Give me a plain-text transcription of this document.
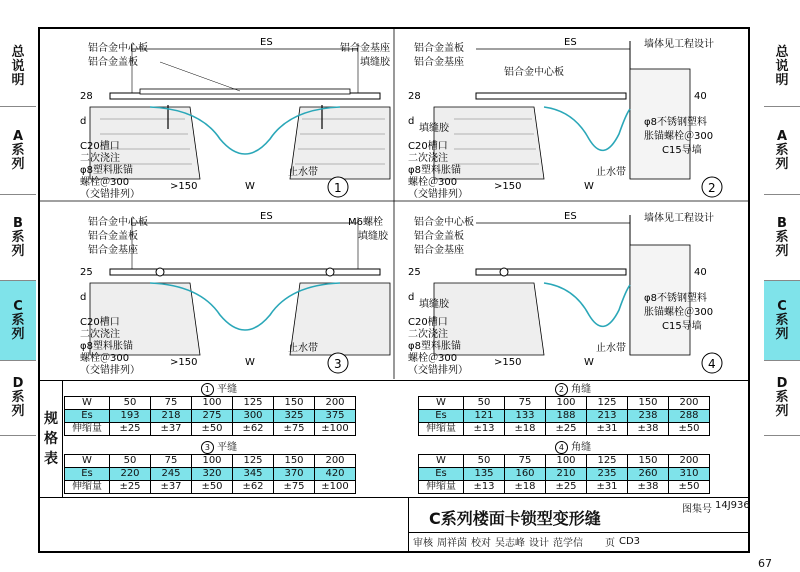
总
说
明
A
系
列
B
系
列
C
系
列
D
系
列
总
说
明
A
系
列
B
系
列
C
系
列
D
系
列
ES
铝合金中心板
铝合金盖板
铝合金基座
填缝胶
28
d
C20槽口
二次浇注
φ8塑料胀锚
螺栓＠300
（交错排列）
>150	W
止水带
1
ES
铝合金盖板
铝合金基座
铝合金中心板
墙体见工程设计
填缝胶
28
d
40
C20槽口
二次浇注
φ8塑料胀锚
螺栓＠300
（交错排列）
φ8不锈钢塑料
胀锚螺栓＠300
C15导墙
>150	W
止水带
2
ES
铝合金中心板
铝合金盖板
铝合金基座
M6螺栓
填缝胶
25
d
C20槽口
二次浇注
φ8塑料胀锚
螺栓＠300
（交错排列）
>150	W
止水带
3
ES
铝合金中心板
铝合金盖板
铝合金基座
墙体见工程设计
填缝胶
25
d
40
C20槽口
二次浇注
φ8塑料胀锚
螺栓＠300
（交错排列）
φ8不锈钢塑料
胀锚螺栓＠300
C15导墙
>150	W
止水带
4
规
格
表
1 平缝
W	50	75	100	125	150	200
Es	193	218	275	300	325	375
伸缩量	±25	±37	±50	±62	±75	±100
2 角缝
W	50	75	100	125	150	200
Es	121	133	188	213	238	288
伸缩量	±13	±18	±25	±31	±38	±50
3 平缝
W	50	75	100	125	150	200
Es	220	245	320	345	370	420
伸缩量	±25	±37	±50	±62	±75	±100
4 角缝
W	50	75	100	125	150	200
Es	135	160	210	235	260	310
伸缩量	±13	±18	±25	±31	±38	±50
C系列楼面卡锁型变形缝	图集号 14J936
审核 周祥茵 校对 吴志峰 设计 范学信 页 CD3
67
